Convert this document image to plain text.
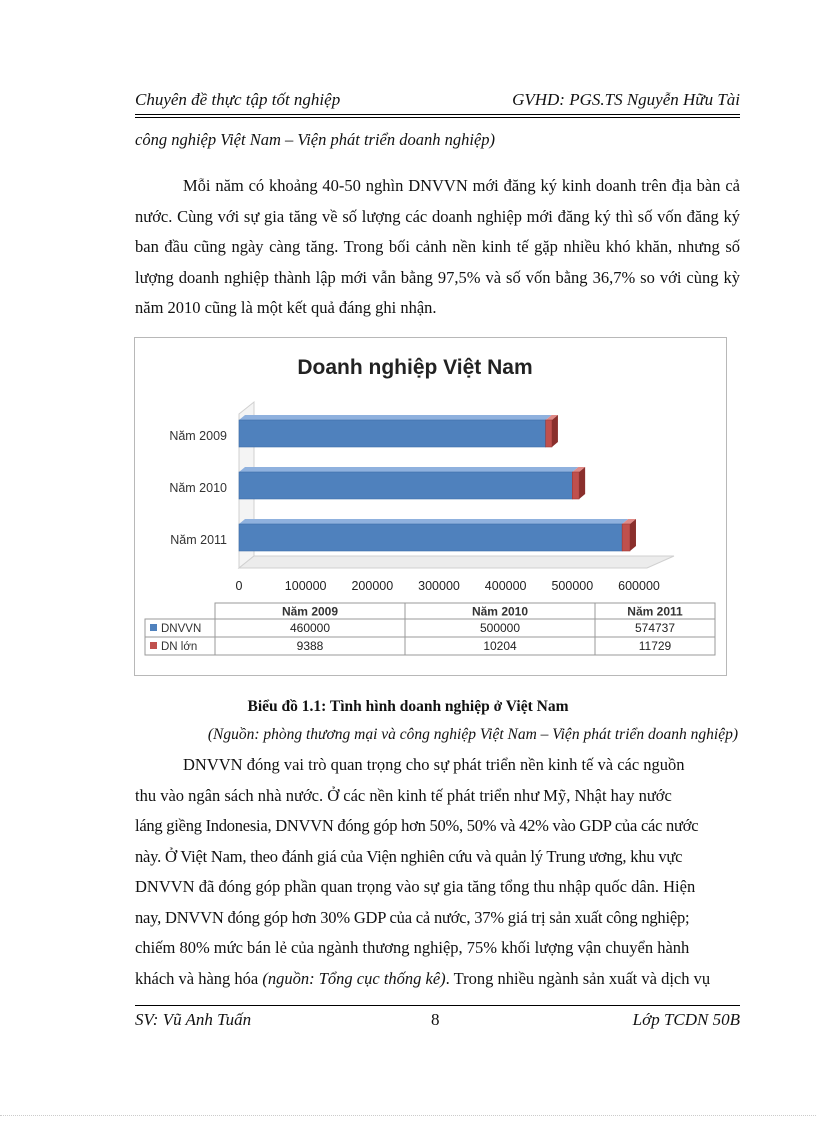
Chuyên đề thực tập tốt nghiệp	GVHD: PGS.TS Nguyễn Hữu Tài
công nghiệp Việt Nam – Viện phát triển doanh nghiệp)

Mỗi năm có khoảng 40-50 nghìn DNVVN mới đăng ký kinh doanh trên địa bàn cả nước. Cùng với sự gia tăng về số lượng các doanh nghiệp mới đăng ký thì số vốn đăng ký ban đầu cũng ngày càng tăng. Trong bối cảnh nền kinh tế gặp nhiều khó khăn, nhưng số lượng doanh nghiệp thành lập mới vẫn bằng 97,5% và số vốn bằng 36,7% so với cùng kỳ năm 2010 cũng là một kết quả đáng ghi nhận.

Doanh nghiệp Việt Nam
Năm 2009
Năm 2010
Năm 2011
0	100000 200000 300000 400000 500000 600000
Năm 2009	Năm 2010	Năm 2011
DNVVN	460000	500000	574737
DN lớn	9388	10204	11729
Biểu đồ 1.1: Tình hình doanh nghiệp ở Việt Nam
(Nguồn: phòng thương mại và công nghiệp Việt Nam – Viện phát triển doanh nghiệp)
DNVVN đóng vai trò quan trọng cho sự phát triển nền kinh tế và các nguồn
thu vào ngân sách nhà nước. Ở các nền kinh tế phát triển như Mỹ, Nhật hay nước
láng giềng Indonesia, DNVVN đóng góp hơn 50%, 50% và 42% vào GDP của các nước
này. Ở Việt Nam, theo đánh giá của Viện nghiên cứu và quản lý Trung ương, khu vực
DNVVN đã đóng góp phần quan trọng vào sự gia tăng tổng thu nhập quốc dân. Hiện
nay, DNVVN đóng góp hơn 30% GDP của cả nước, 37% giá trị sản xuất công nghiệp;
chiếm 80% mức bán lẻ của ngành thương nghiệp, 75% khối lượng vận chuyển hành
khách và hàng hóa (nguồn: Tổng cục thống kê). Trong nhiều ngành sản xuất và dịch vụ
SV: Vũ Anh Tuấn	8	Lớp TCDN 50B
